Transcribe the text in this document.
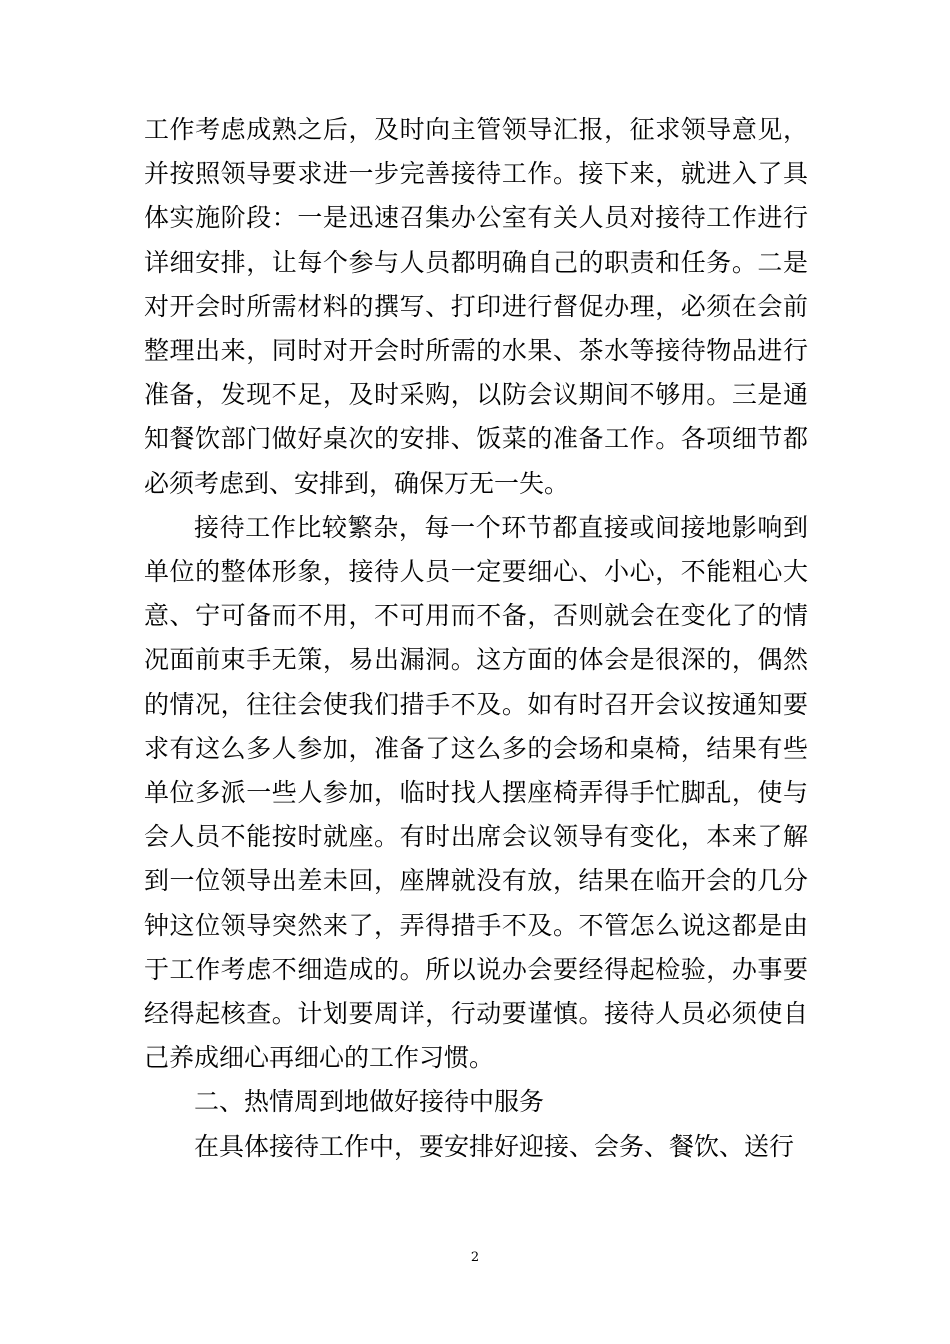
工作考虑成熟之后，及时向主管领导汇报，征求领导意见，并按照领导要求进一步完善接待工作。接下来，就进入了具体实施阶段：一是迅速召集办公室有关人员对接待工作进行详细安排，让每个参与人员都明确自己的职责和任务。二是对开会时所需材料的撰写、打印进行督促办理，必须在会前整理出来，同时对开会时所需的水果、茶水等接待物品进行准备，发现不足，及时采购，以防会议期间不够用。三是通知餐饮部门做好桌次的安排、饭菜的准备工作。各项细节都必须考虑到、安排到，确保万无一失。

接待工作比较繁杂，每一个环节都直接或间接地影响到单位的整体形象，接待人员一定要细心、小心，不能粗心大意、宁可备而不用，不可用而不备，否则就会在变化了的情况面前束手无策，易出漏洞。这方面的体会是很深的，偶然的情况，往往会使我们措手不及。如有时召开会议按通知要求有这么多人参加，准备了这么多的会场和桌椅，结果有些单位多派一些人参加，临时找人摆座椅弄得手忙脚乱，使与会人员不能按时就座。有时出席会议领导有变化，本来了解到一位领导出差未回，座牌就没有放，结果在临开会的几分钟这位领导突然来了，弄得措手不及。不管怎么说这都是由于工作考虑不细造成的。所以说办会要经得起检验，办事要经得起核查。计划要周详，行动要谨慎。接待人员必须使自己养成细心再细心的工作习惯。

二、热情周到地做好接待中服务

在具体接待工作中，要安排好迎接、会务、餐饮、送行

2
